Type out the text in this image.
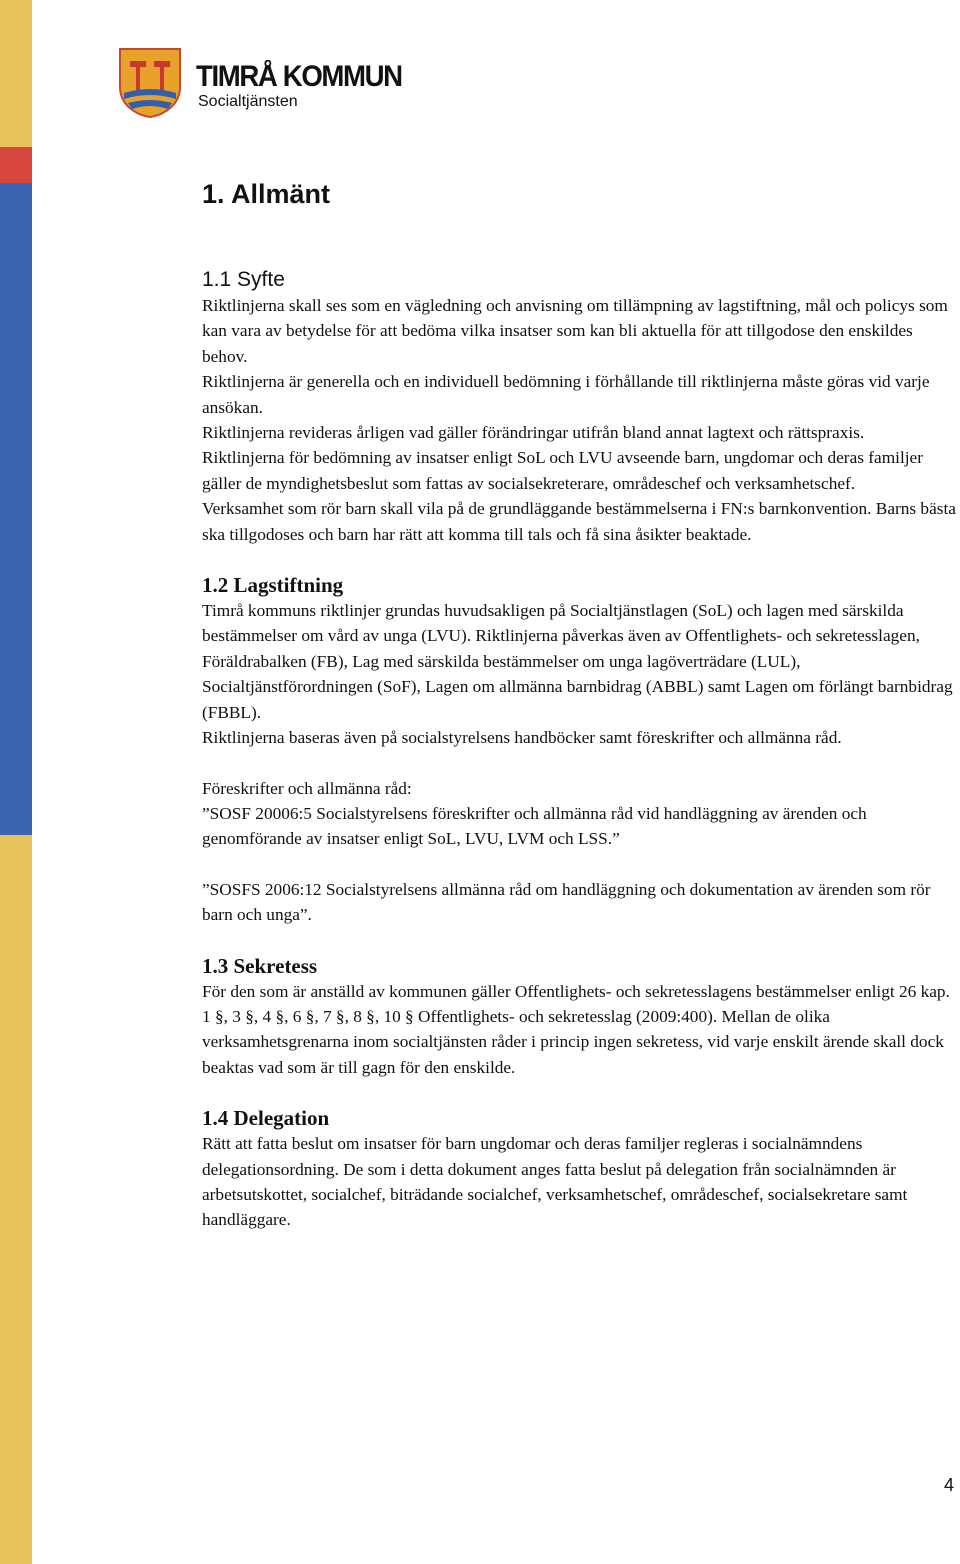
TIMRÅ KOMMUN
Socialtjänsten
1. Allmänt
1.1 Syfte

Riktlinjerna skall ses som en vägledning och anvisning om tillämpning av lagstiftning, mål och policys som kan vara av betydelse för att bedöma vilka insatser som kan bli aktuella för att tillgodose den enskildes behov.

Riktlinjerna är generella och en individuell bedömning i förhållande till riktlinjerna måste göras vid varje ansökan.

Riktlinjerna revideras årligen vad gäller förändringar utifrån bland annat lagtext och rättspraxis.

Riktlinjerna för bedömning av insatser enligt SoL och LVU avseende barn, ungdomar och deras familjer gäller de myndighetsbeslut som fattas av socialsekreterare, områdeschef och verksamhetschef.

Verksamhet som rör barn skall vila på de grundläggande bestämmelserna i FN:s barnkonvention. Barns bästa ska tillgodoses och barn har rätt att komma till tals och få sina åsikter beaktade.

1.2 Lagstiftning

Timrå kommuns riktlinjer grundas huvudsakligen på Socialtjänstlagen (SoL) och lagen med särskilda bestämmelser om vård av unga (LVU). Riktlinjerna påverkas även av Offentlighets- och sekretesslagen, Föräldrabalken (FB), Lag med särskilda bestämmelser om unga lagöverträdare (LUL), Socialtjänstförordningen (SoF), Lagen om allmänna barnbidrag (ABBL) samt Lagen om förlängt barnbidrag (FBBL).

Riktlinjerna baseras även på socialstyrelsens handböcker samt föreskrifter och allmänna råd.

Föreskrifter och allmänna råd:

”SOSF 20006:5 Socialstyrelsens föreskrifter och allmänna råd vid handläggning av ärenden och genomförande av insatser enligt SoL, LVU, LVM och LSS.”

”SOSFS 2006:12 Socialstyrelsens allmänna råd om handläggning och dokumentation av ärenden som rör barn och unga”.

1.3 Sekretess

För den som är anställd av kommunen gäller Offentlighets- och sekretesslagens bestämmelser enligt 26 kap. 1 §, 3 §, 4 §, 6 §, 7 §, 8 §, 10 § Offentlighets- och sekretesslag (2009:400). Mellan de olika verksamhetsgrenarna inom socialtjänsten råder i princip ingen sekretess, vid varje enskilt ärende skall dock beaktas vad som är till gagn för den enskilde.

1.4 Delegation

Rätt att fatta beslut om insatser för barn ungdomar och deras familjer regleras i socialnämndens delegationsordning. De som i detta dokument anges fatta beslut på delegation från socialnämnden är arbetsutskottet, socialchef, biträdande socialchef, verksamhetschef, områdeschef, socialsekretare samt handläggare.

4
